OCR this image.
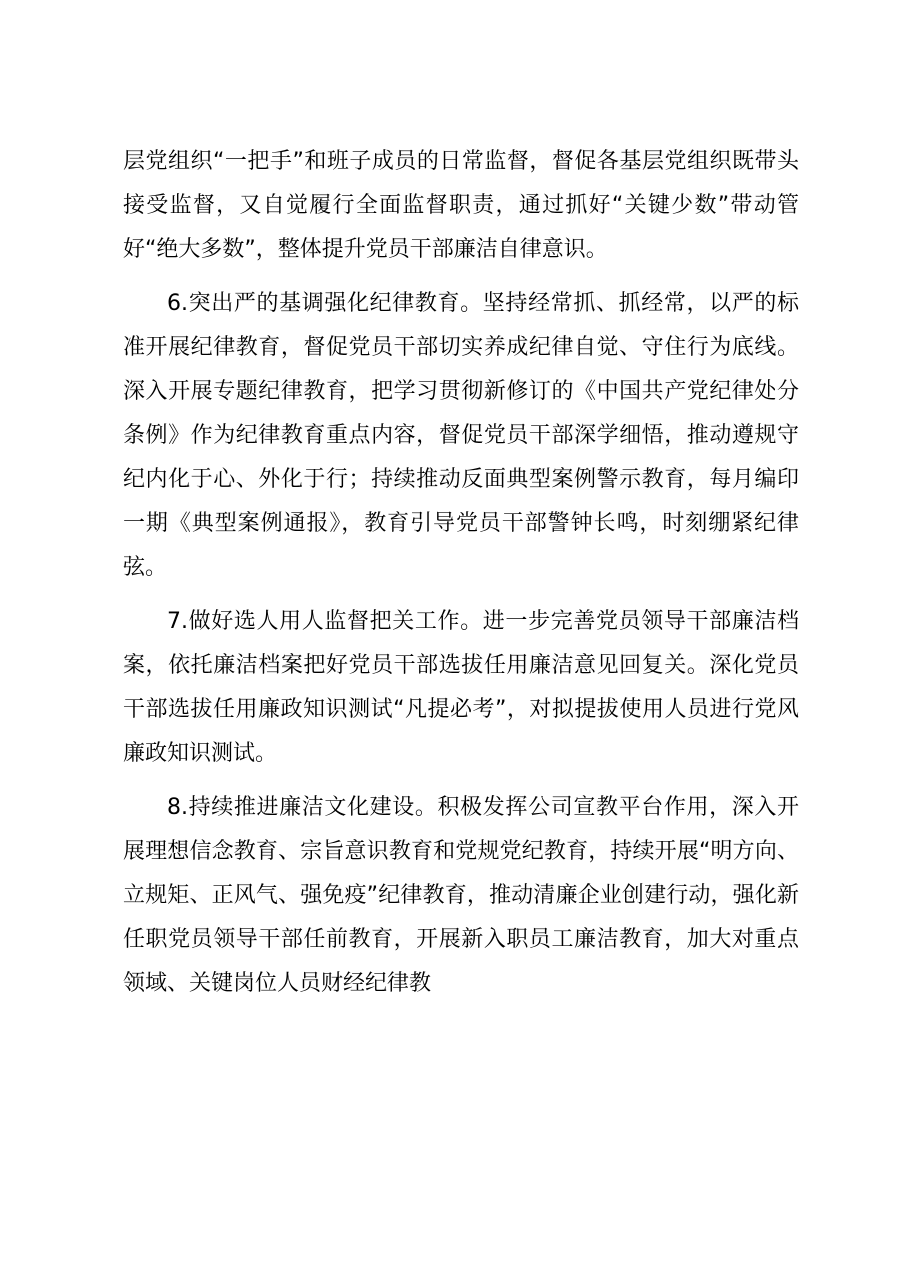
层党组织“一把手”和班子成员的日常监督，督促各基层党组织既带头接受监督，又自觉履行全面监督职责，通过抓好“关键少数”带动管好“绝大多数”，整体提升党员干部廉洁自律意识。

6.突出严的基调强化纪律教育。坚持经常抓、抓经常，以严的标准开展纪律教育，督促党员干部切实养成纪律自觉、守住行为底线。深入开展专题纪律教育，把学习贯彻新修订的《中国共产党纪律处分条例》作为纪律教育重点内容，督促党员干部深学细悟，推动遵规守纪内化于心、外化于行；持续推动反面典型案例警示教育，每月编印一期《典型案例通报》，教育引导党员干部警钟长鸣，时刻绷紧纪律弦。

7.做好选人用人监督把关工作。进一步完善党员领导干部廉洁档案，依托廉洁档案把好党员干部选拔任用廉洁意见回复关。深化党员干部选拔任用廉政知识测试“凡提必考”，对拟提拔使用人员进行党风廉政知识测试。

8.持续推进廉洁文化建设。积极发挥公司宣教平台作用，深入开展理想信念教育、宗旨意识教育和党规党纪教育，持续开展“明方向、立规矩、正风气、强免疫”纪律教育，推动清廉企业创建行动，强化新任职党员领导干部任前教育，开展新入职员工廉洁教育，加大对重点领域、关键岗位人员财经纪律教
